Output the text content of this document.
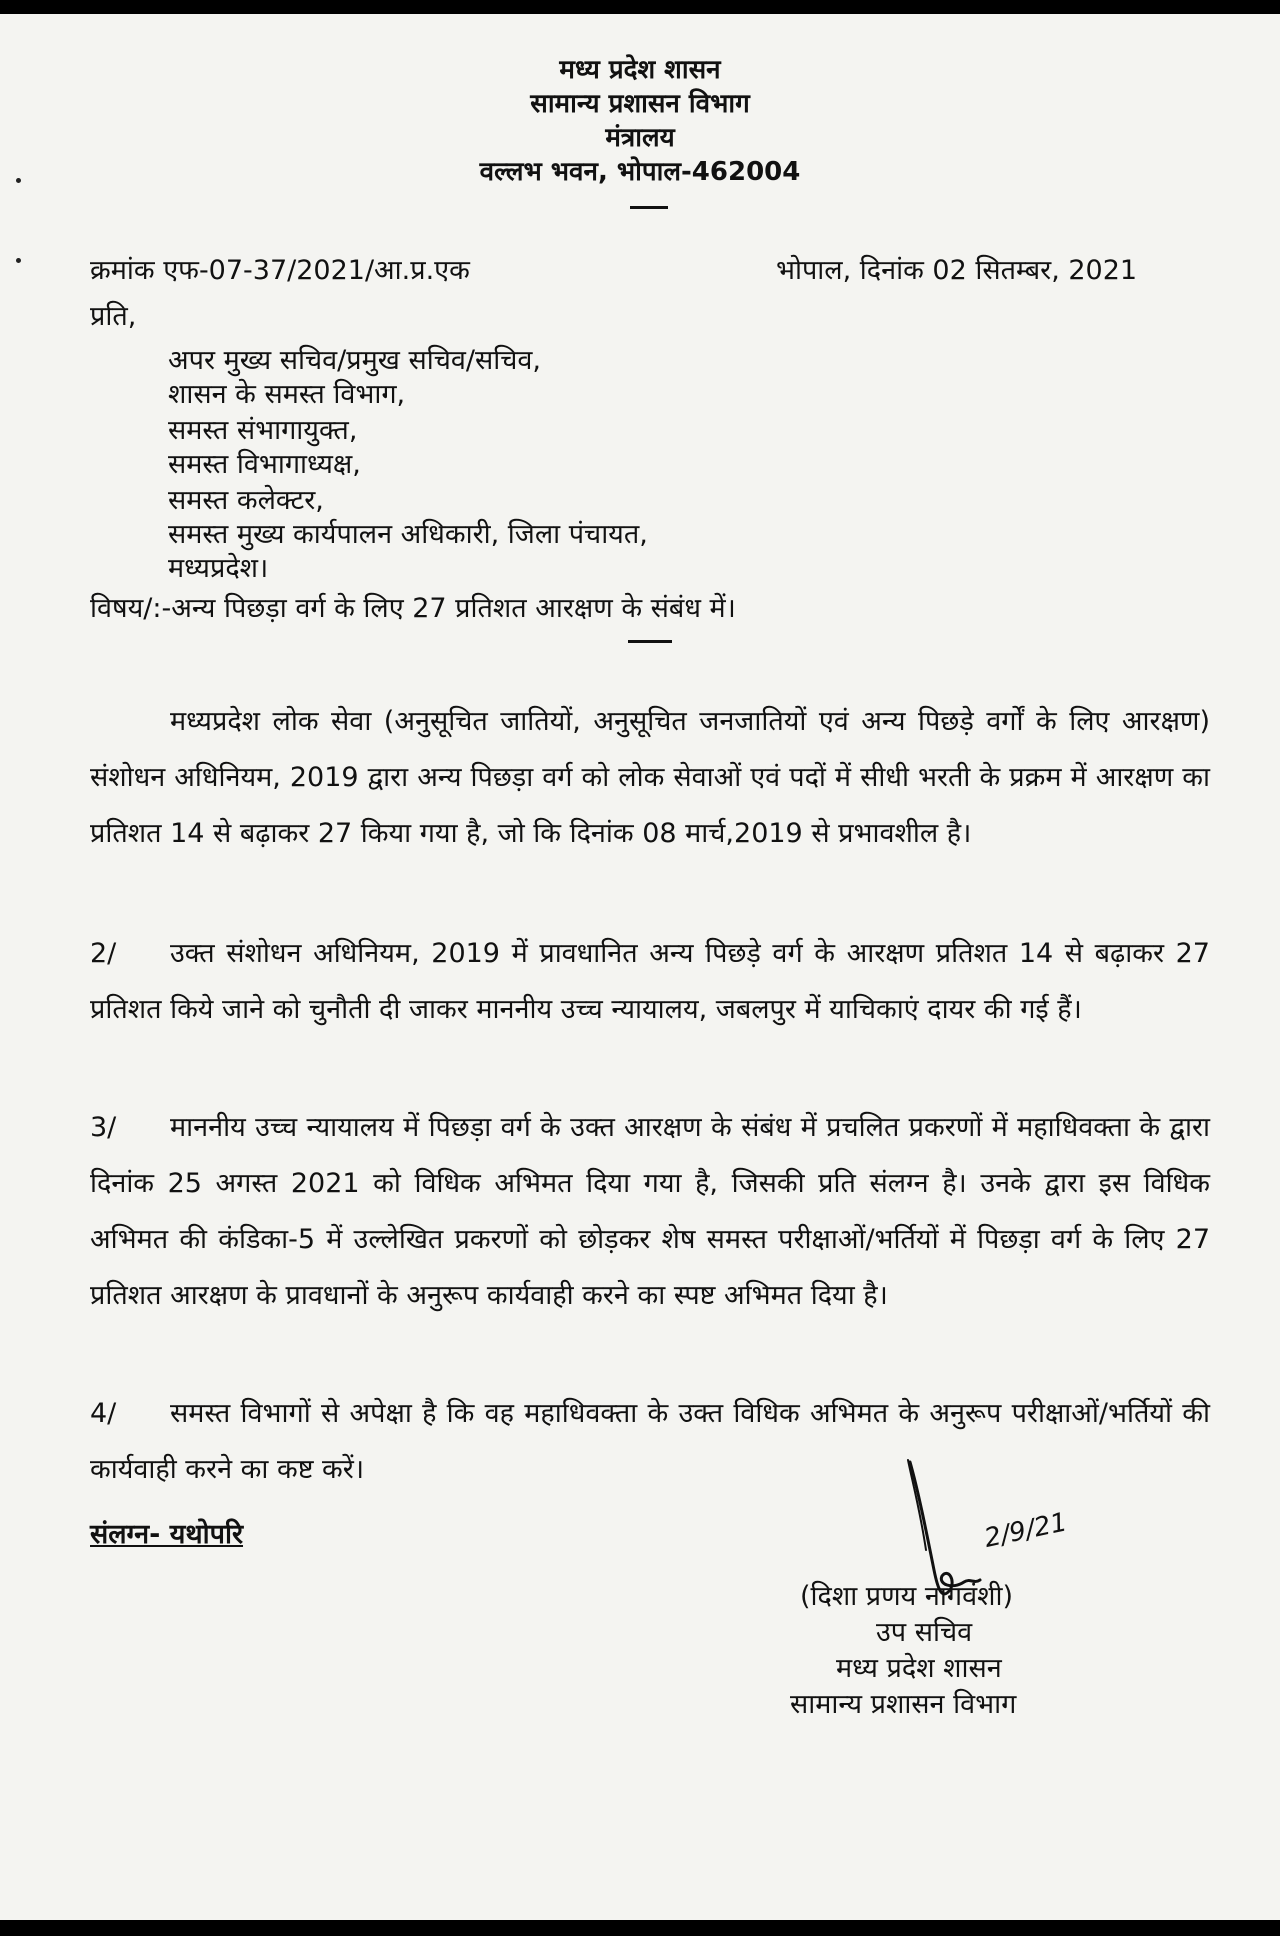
मध्य प्रदेश शासन
सामान्य प्रशासन विभाग
मंत्रालय
वल्लभ भवन, भोपाल-462004
क्रमांक एफ-07-37/2021/आ.प्र.एक	भोपाल, दिनांक 02 सितम्बर, 2021
प्रति,
अपर मुख्य सचिव/प्रमुख सचिव/सचिव,
शासन के समस्त विभाग,
समस्त संभागायुक्त,
समस्त विभागाध्यक्ष,
समस्त कलेक्टर,
समस्त मुख्य कार्यपालन अधिकारी, जिला पंचायत,
मध्यप्रदेश।
विषय/:-अन्य पिछड़ा वर्ग के लिए 27 प्रतिशत आरक्षण के संबंध में।
मध्यप्रदेश लोक सेवा (अनुसूचित जातियों, अनुसूचित जनजातियों एवं अन्य पिछड़े वर्गों के लिए आरक्षण) संशोधन अधिनियम, 2019 द्वारा अन्य पिछड़ा वर्ग को लोक सेवाओं एवं पदों में सीधी भरती के प्रक्रम में आरक्षण का प्रतिशत 14 से बढ़ाकर 27 किया गया है, जो कि दिनांक 08 मार्च,2019 से प्रभावशील है।
2/ उक्त संशोधन अधिनियम, 2019 में प्रावधानित अन्य पिछड़े वर्ग के आरक्षण प्रतिशत 14 से बढ़ाकर 27 प्रतिशत किये जाने को चुनौती दी जाकर माननीय उच्च न्यायालय, जबलपुर में याचिकाएं दायर की गई हैं।
3/ माननीय उच्च न्यायालय में पिछड़ा वर्ग के उक्त आरक्षण के संबंध में प्रचलित प्रकरणों में महाधिवक्ता के द्वारा दिनांक 25 अगस्त 2021 को विधिक अभिमत दिया गया है, जिसकी प्रति संलग्न है। उनके द्वारा इस विधिक अभिमत की कंडिका-5 में उल्लेखित प्रकरणों को छोड़कर शेष समस्त परीक्षाओं/भर्तियों में पिछड़ा वर्ग के लिए 27 प्रतिशत आरक्षण के प्रावधानों के अनुरूप कार्यवाही करने का स्पष्ट अभिमत दिया है।
4/ समस्त विभागों से अपेक्षा है कि वह महाधिवक्ता के उक्त विधिक अभिमत के अनुरूप परीक्षाओं/भर्तियों की कार्यवाही करने का कष्ट करें।
संलग्न- यथोपरि	2/9/21
(दिशा प्रणय नागवंशी)
उप सचिव
मध्य प्रदेश शासन
सामान्य प्रशासन विभाग
